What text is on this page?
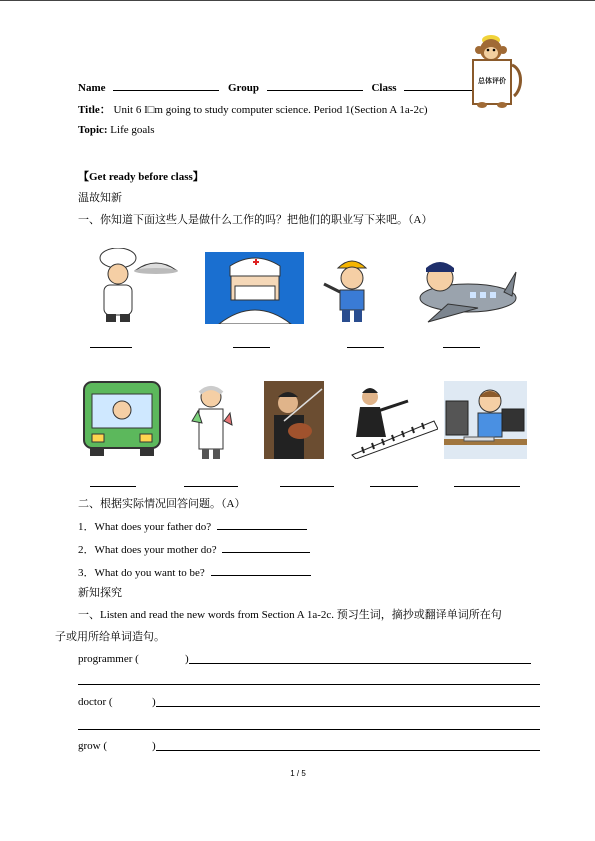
Name	Group	Class
总体评价
Title： Unit 6 I□m going to study computer science. Period 1(Section A 1a-2c)
Topic: Life goals
【Get ready before class】
温故知新
一、你知道下面这些人是做什么工作的吗？把他们的职业写下来吧。（A）
二、根据实际情况回答问题。（A）
1．What does your father do?
2．What does your mother do?
3．What do you want to be?
新知探究
一、Listen and read the new words from Section A 1a-2c. 预习生词，摘抄或翻译单词所在句
子或用所给单词造句。
programmer (	)
doctor (	)
grow (	)
1 / 5
